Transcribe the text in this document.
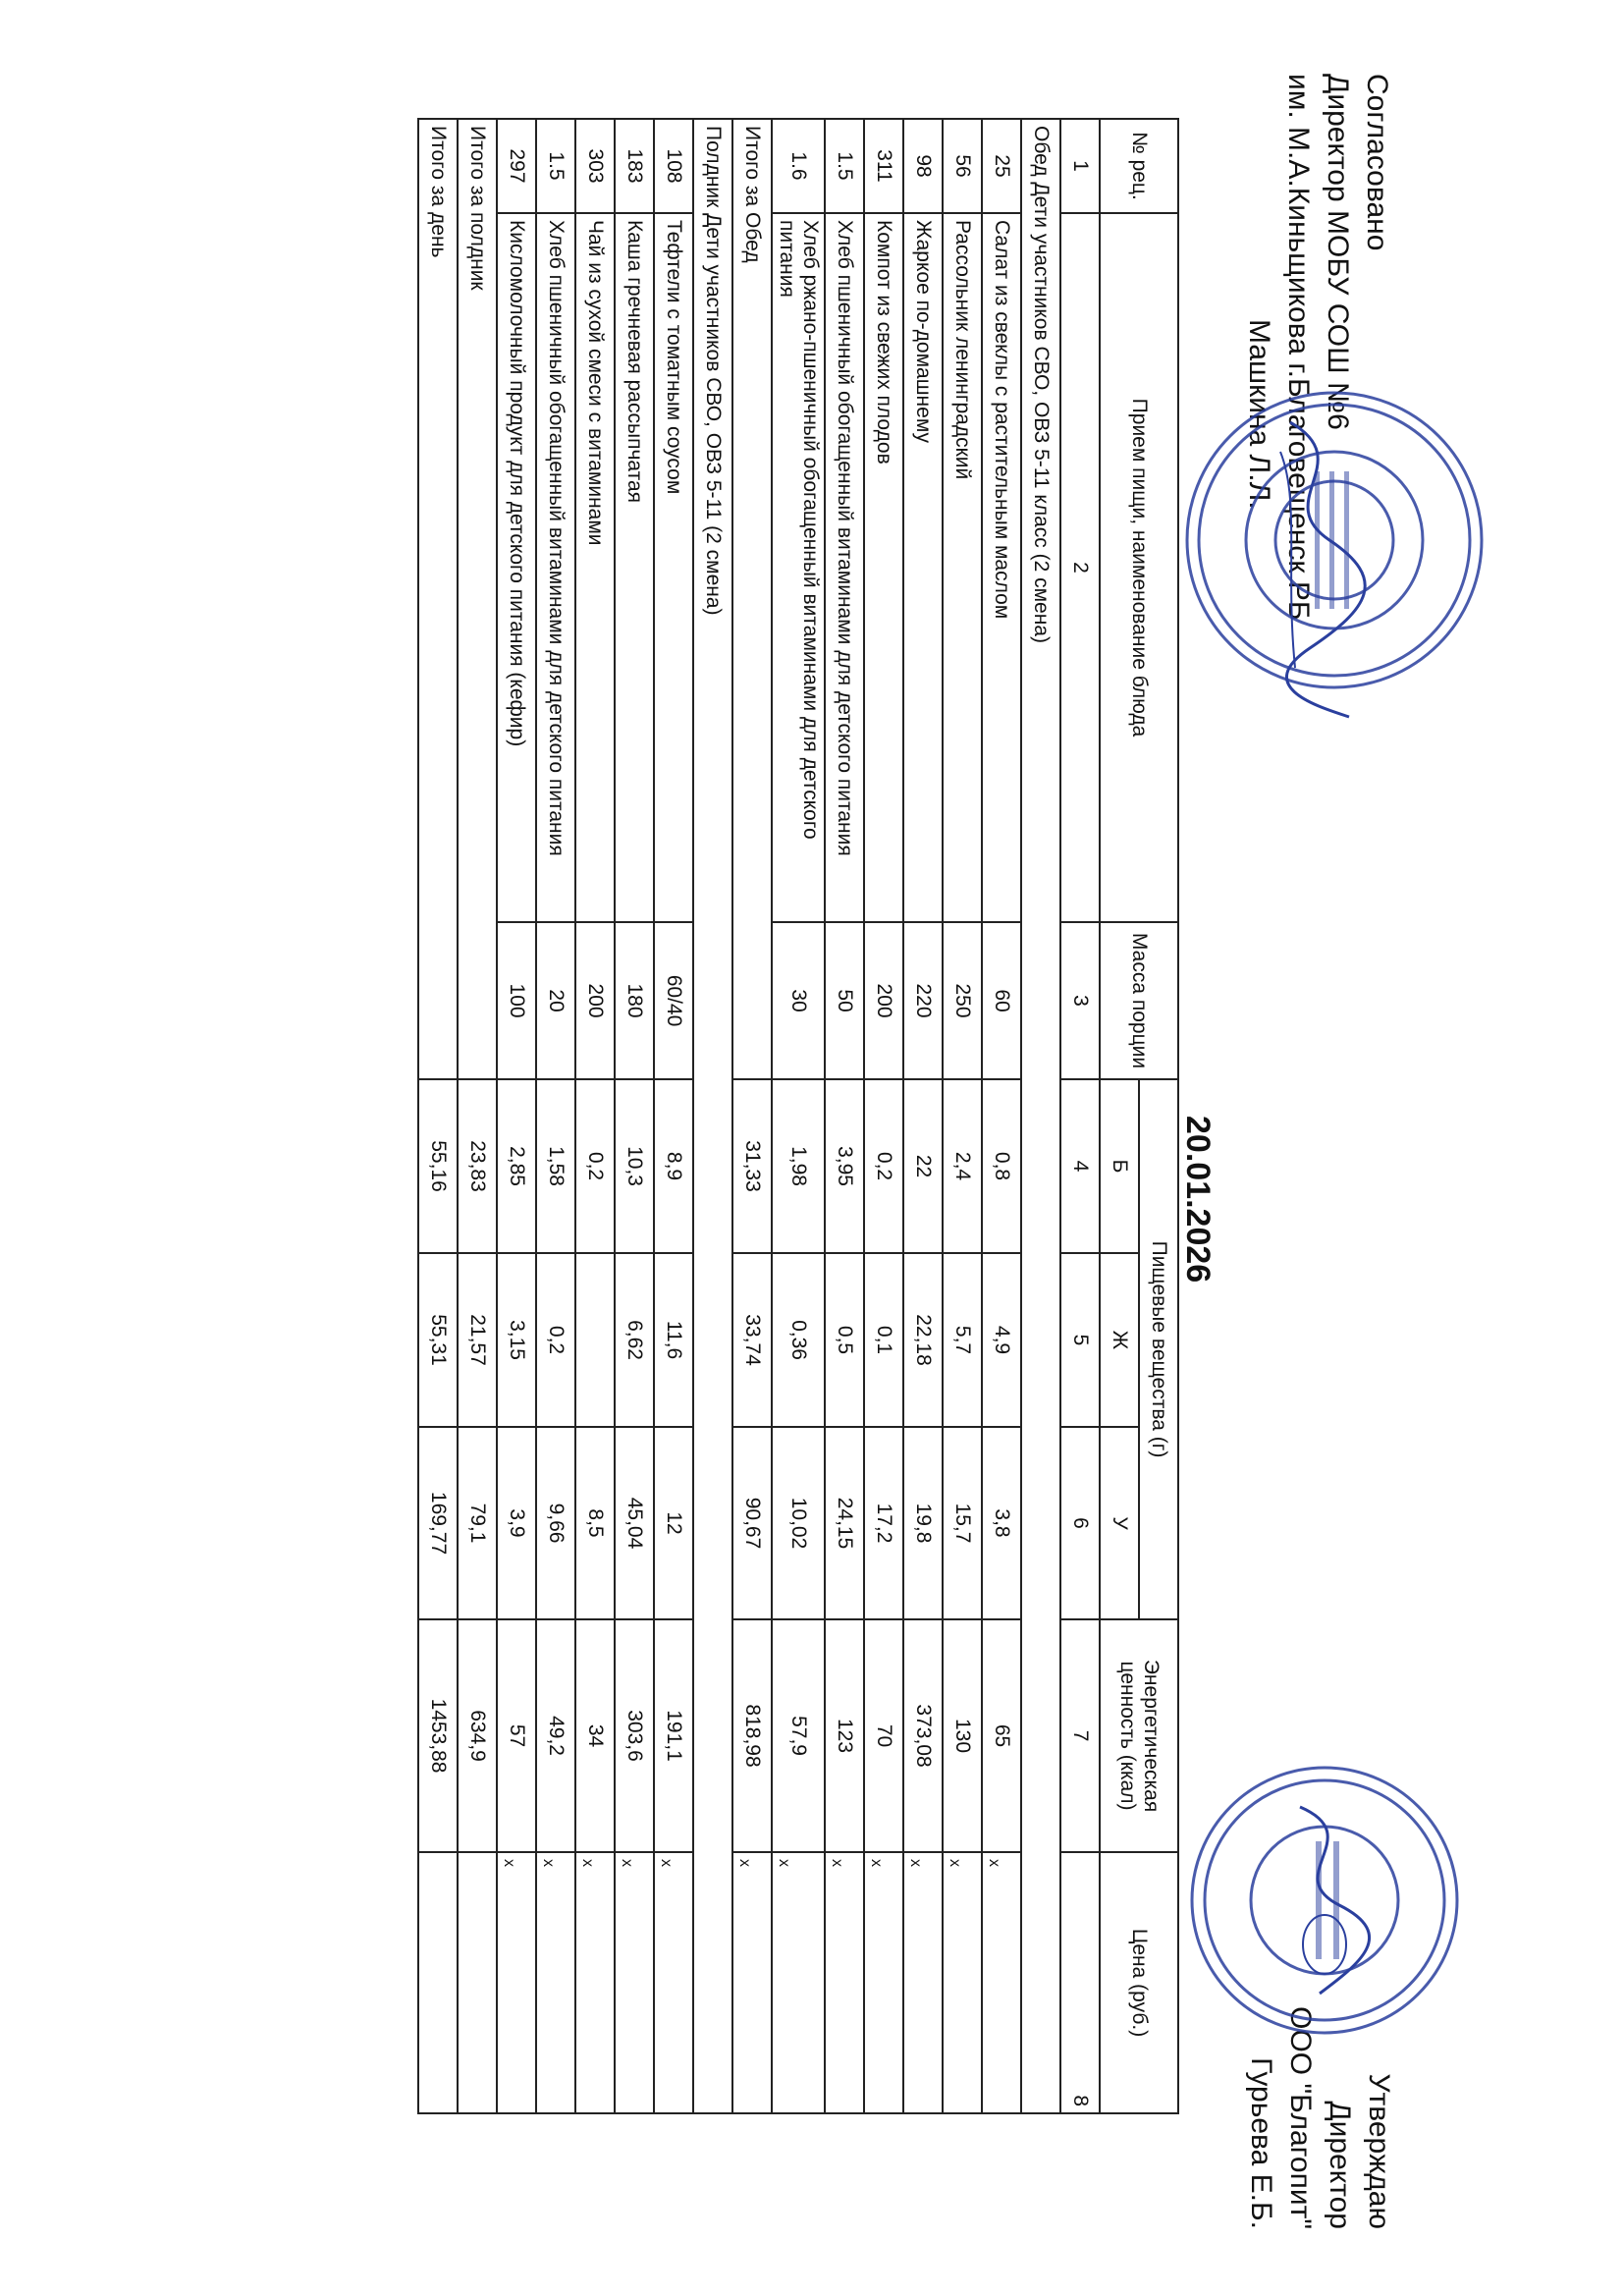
Согласовано
Директор МОБУ СОШ №6
им. М.А.Киньщикова г.Благовещенск РБ
Машкина Л.Л.
Утверждаю
Директор
ООО "Благопит"
Гурьева Е.Б.
20.01.2026
№ рец.	Прием пищи, наименование блюда	Масса порции	Пищевые вещества (г)			Энергетическая ценность (ккал)	Цена (руб.)
			Б	Ж	У		
1	2	3	4	5	6	7	8
Обед Дети участников СВО, ОВЗ 5-11 класс (2 смена)							
25	Салат из свеклы с растительным маслом	60	0,8	4,9	3,8	65	x
56	Рассольник ленинградский	250	2,4	5,7	15,7	130	x
98	Жаркое по-домашнему	220	22	22,18	19,8	373,08	x
311	Компот из свежих плодов	200	0,2	0,1	17,2	70	x
1.5	Хлеб пшеничный обогащенный витаминами для детского питания	50	3,95	0,5	24,15	123	x
1.6	Хлеб ржано-пшеничный обогащенный витаминами для детского питания	30	1,98	0,36	10,02	57,9	x
Итого за Обед			31,33	33,74	90,67	818,98	x
Полдник Дети участников СВО, ОВЗ 5-11 (2 смена)							
108	Тефтели с томатным соусом	60/40	8,9	11,6	12	191,1	x
183	Каша гречневая рассыпчатая	180	10,3	6,62	45,04	303,6	x
303	Чай из сухой смеси с витаминами	200	0,2		8,5	34	x
1.5	Хлеб пшеничный обогащенный витаминами для детского питания	20	1,58	0,2	9,66	49,2	x
297	Кисломолочный продукт для детского питания (кефир)	100	2,85	3,15	3,9	57	x
Итого за полдник			23,83	21,57	79,1	634,9	
Итого за день			55,16	55,31	169,77	1453,88	
